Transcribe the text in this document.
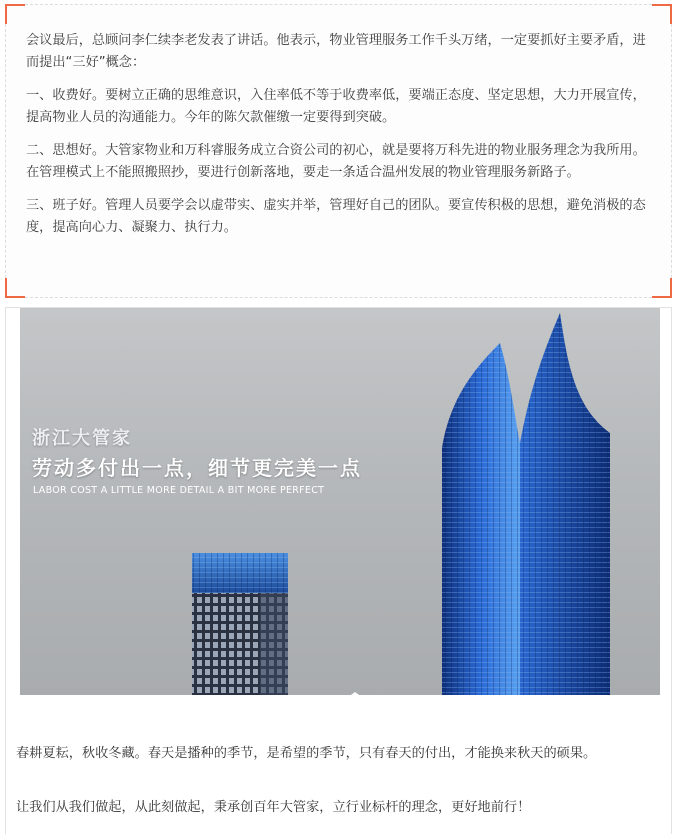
会议最后，总顾问李仁续李老发表了讲话。他表示，物业管理服务工作千头万绪，一定要抓好主要矛盾，进而提出“三好”概念：

一、收费好。要树立正确的思维意识，入住率低不等于收费率低，要端正态度、坚定思想，大力开展宣传，提高物业人员的沟通能力。今年的陈欠款催缴一定要得到突破。

二、思想好。大管家物业和万科睿服务成立合资公司的初心，就是要将万科先进的物业服务理念为我所用。在管理模式上不能照搬照抄，要进行创新落地，要走一条适合温州发展的物业管理服务新路子。

三、班子好。管理人员要学会以虚带实、虚实并举，管理好自己的团队。要宣传积极的思想，避免消极的态度，提高向心力、凝聚力、执行力。

浙江大管家
劳动多付出一点，细节更完美一点
LABOR COST A LITTLE MORE DETAIL A BIT MORE PERFECT
春耕夏耘，秋收冬藏。春天是播种的季节，是希望的季节，只有春天的付出，才能换来秋天的硕果。
让我们从我们做起，从此刻做起，秉承创百年大管家，立行业标杆的理念，更好地前行！
